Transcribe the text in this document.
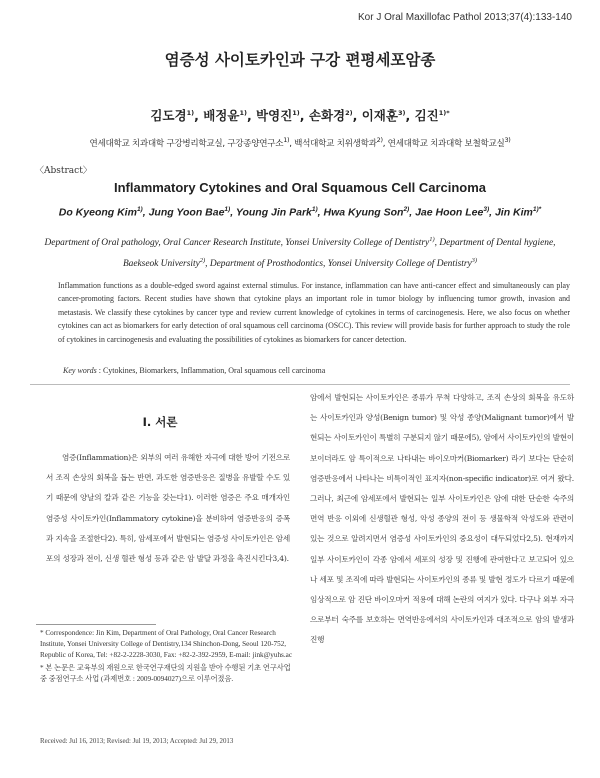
Kor J Oral Maxillofac Pathol 2013;37(4):133-140
염증성 사이토카인과 구강 편평세포암종
김도경$^{1)}$, 배정윤$^{1)}$, 박영진$^{1)}$, 손화경$^{2)}$, 이재훈$^{3)}$, 김진$^{1)*}$
연세대학교 치과대학 구강병리학교실, 구강종양연구소$^{1)}$, 백석대학교 치위생학과$^{2)}$, 연세대학교 치과대학 보철학교실$^{3)}$
〈Abstract〉
Inflammatory Cytokines and Oral Squamous Cell Carcinoma
Do Kyeong Kim$^{1)}$, Jung Yoon Bae$^{1)}$, Young Jin Park$^{1)}$, Hwa Kyung Son$^{2)}$, Jae Hoon Lee$^{3)}$, Jin Kim$^{1)*}$
Department of Oral pathology, Oral Cancer Research Institute, Yonsei University College of Dentistry$^{1)}$, Department of Dental hygiene, Baekseok University$^{2)}$, Department of Prosthodontics, Yonsei University College of Dentistry$^{3)}$
Inflammation functions as a double-edged sword against external stimulus. For instance, inflammation can have anti-cancer effect and simultaneously can play cancer-promoting factors. Recent studies have shown that cytokine plays an important role in tumor biology by influencing tumor growth, invasion and metastasis. We classify these cytokines by cancer type and review current knowledge of cytokines in terms of carcinogenesis. Here, we also focus on whether cytokines can act as biomarkers for early detection of oral squamous cell carcinoma (OSCC). This review will provide basis for further approach to study the role of cytokines in carcinogenesis and evaluating the possibilities of cytokines as biomarkers for cancer detection.
Key words : Cytokines, Biomarkers, Inflammation, Oral squamous cell carcinoma
Ⅰ. 서론
염증(Inflammation)은 외부의 여러 유해한 자극에 대한 방어 기전으로서 조직 손상의 회복을 돕는 반면, 과도한 염증반응은 질병을 유발할 수도 있기 때문에 양날의 칼과 같은 기능을 갖는다1). 이러한 염증은 주요 매개자인 염증성 사이토카인(Inflammatory cytokine)을 분비하여 염증반응의 증폭과 지속을 조절한다2). 특히, 암세포에서 발현되는 염증성 사이토카인은 암세포의 성장과 전이, 신생 혈관 형성 등과 같은 암 발달 과정을 촉진시킨다3,4).
암에서 발현되는 사이토카인은 종류가 무척 다양하고, 조직 손상의 회복을 유도하는 사이토카인과 양성(Benign tumor) 및 악성 종양(Malignant tumor)에서 발현되는 사이토카인이 특별히 구분되지 않기 때문에5), 암에서 사이토카인의 발현이 보이더라도 암 특이적으로 나타내는 바이오마커(Biomarker) 라기 보다는 단순히 염증반응에서 나타나는 비특이적인 표지자(non-specific indicator)로 여겨 왔다. 그러나, 최근에 암세포에서 발현되는 일부 사이토카인은 암에 대한 단순한 숙주의 면역 반응 이외에 신생혈관 형성, 악성 종양의 전이 등 생물학적 악성도와 관련이 있는 것으로 알려지면서 염증성 사이토카인의 중요성이 대두되었다2,5). 현재까지 일부 사이토카인이 각종 암에서 세포의 성장 및 진행에 관여한다고 보고되어 있으나 세포 및 조직에 따라 발현되는 사이토카인의 종류 및 발현 정도가 다르기 때문에 임상적으로 암 진단 바이오마커 적용에 대해 논란의 여지가 있다. 다구나 외부 자극으로부터 숙주를 보호하는 면역반응에서의 사이토카인과 대조적으로 암의 발생과 진행

* Correspondence: Jin Kim, Department of Oral Pathology, Oral Cancer Research Institute, Yonsei University College of Dentistry,134 Shinchon-Dong, Seoul 120-752, Republic of Korea, Tel: +82-2-2228-3030, Fax: +82-2-392-2959, E-mail: jink@yuhs.ac

* 본 논문은 교육부의 재원으로 한국연구재단의 지원을 받아 수행된 기초 연구사업 중 중점연구소 사업 (과제번호 : 2009-0094027)으로 이루어졌음.

Received: Jul 16, 2013; Revised: Jul 19, 2013; Accepted: Jul 29, 2013
